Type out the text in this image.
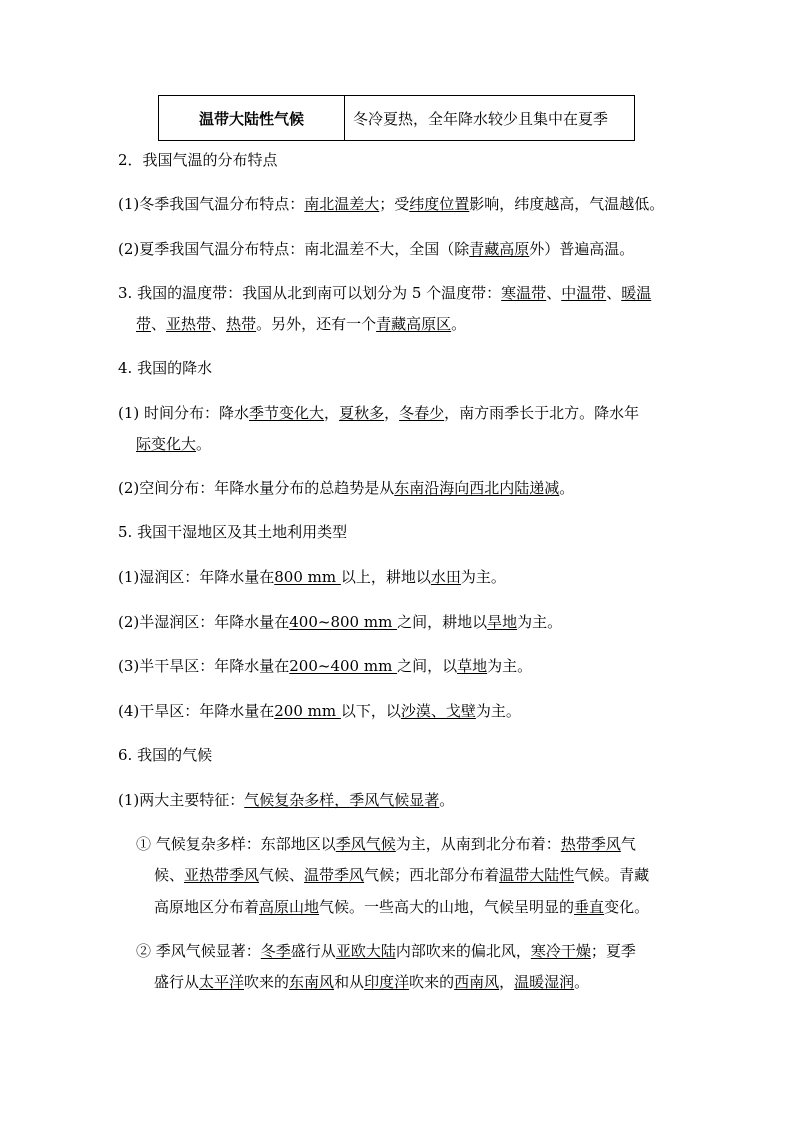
温带大陆性气候	冬冷夏热，全年降水较少且集中在夏季
2．我国气温的分布特点
(1)冬季我国气温分布特点：南北温差大；受纬度位置影响，纬度越高，气温越低。
(2)夏季我国气温分布特点：南北温差不大，全国（除青藏高原外）普遍高温。
3. 我国的温度带：我国从北到南可以划分为 5 个温度带：寒温带、中温带、暖温
带、亚热带、热带。另外，还有一个青藏高原区。
4. 我国的降水
(1) 时间分布：降水季节变化大，夏秋多，冬春少，南方雨季长于北方。降水年
际变化大。
(2)空间分布：年降水量分布的总趋势是从东南沿海向西北内陆递减。
5. 我国干湿地区及其土地利用类型
(1)湿润区：年降水量在800 mm 以上，耕地以水田为主。
(2)半湿润区：年降水量在400~800 mm 之间，耕地以旱地为主。
(3)半干旱区：年降水量在200~400 mm 之间，以草地为主。
(4)干旱区：年降水量在200 mm 以下，以沙漠、戈壁为主。
6. 我国的气候
(1)两大主要特征：气候复杂多样，季风气候显著。
① 气候复杂多样：东部地区以季风气候为主，从南到北分布着：热带季风气
候、亚热带季风气候、温带季风气候；西北部分布着温带大陆性气候。青藏
高原地区分布着高原山地气候。一些高大的山地，气候呈明显的垂直变化。
② 季风气候显著：冬季盛行从亚欧大陆内部吹来的偏北风，寒冷干燥；夏季
盛行从太平洋吹来的东南风和从印度洋吹来的西南风，温暖湿润。
